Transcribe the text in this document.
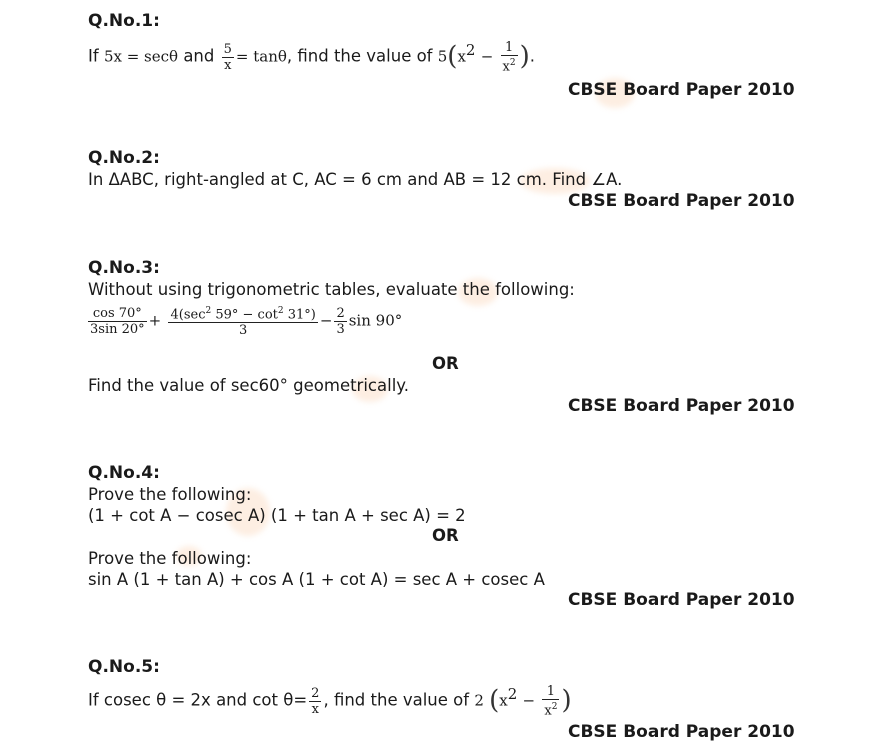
Q.No.1:

If 5x = secθ and $\frac{5}{x} = \tan\theta$, find the value of $5(x^2 - \frac{1}{x^2}$ ).

CBSE Board Paper 2010

Q.No.2:

In ΔABC, right-angled at C, AC = 6 cm and AB = 12 cm. Find ∠A.

CBSE Board Paper 2010

Q.No.3:

Without using trigonometric tables, evaluate the following:

$\frac{\cos 70^\circ}{3\sin 20^\circ} + \frac{4(\sec^2 59^\circ - \cot^2 31^\circ)}{3} - \frac{2}{3}$ sin 90°

OR

Find the value of sec60° geometrically.

CBSE Board Paper 2010

Q.No.4:

Prove the following:

(1 + cot A − cosec A) (1 + tan A + sec A) = 2

OR

Prove the following:

sin A (1 + tan A) + cos A (1 + cot A) = sec A + cosec A

CBSE Board Paper 2010

Q.No.5:

If cosec θ = 2x and $\cot \theta= \frac{2}{x}$ , find the value of 2 ($x^2 - \frac{1}{x^2}$ )

CBSE Board Paper 2010
